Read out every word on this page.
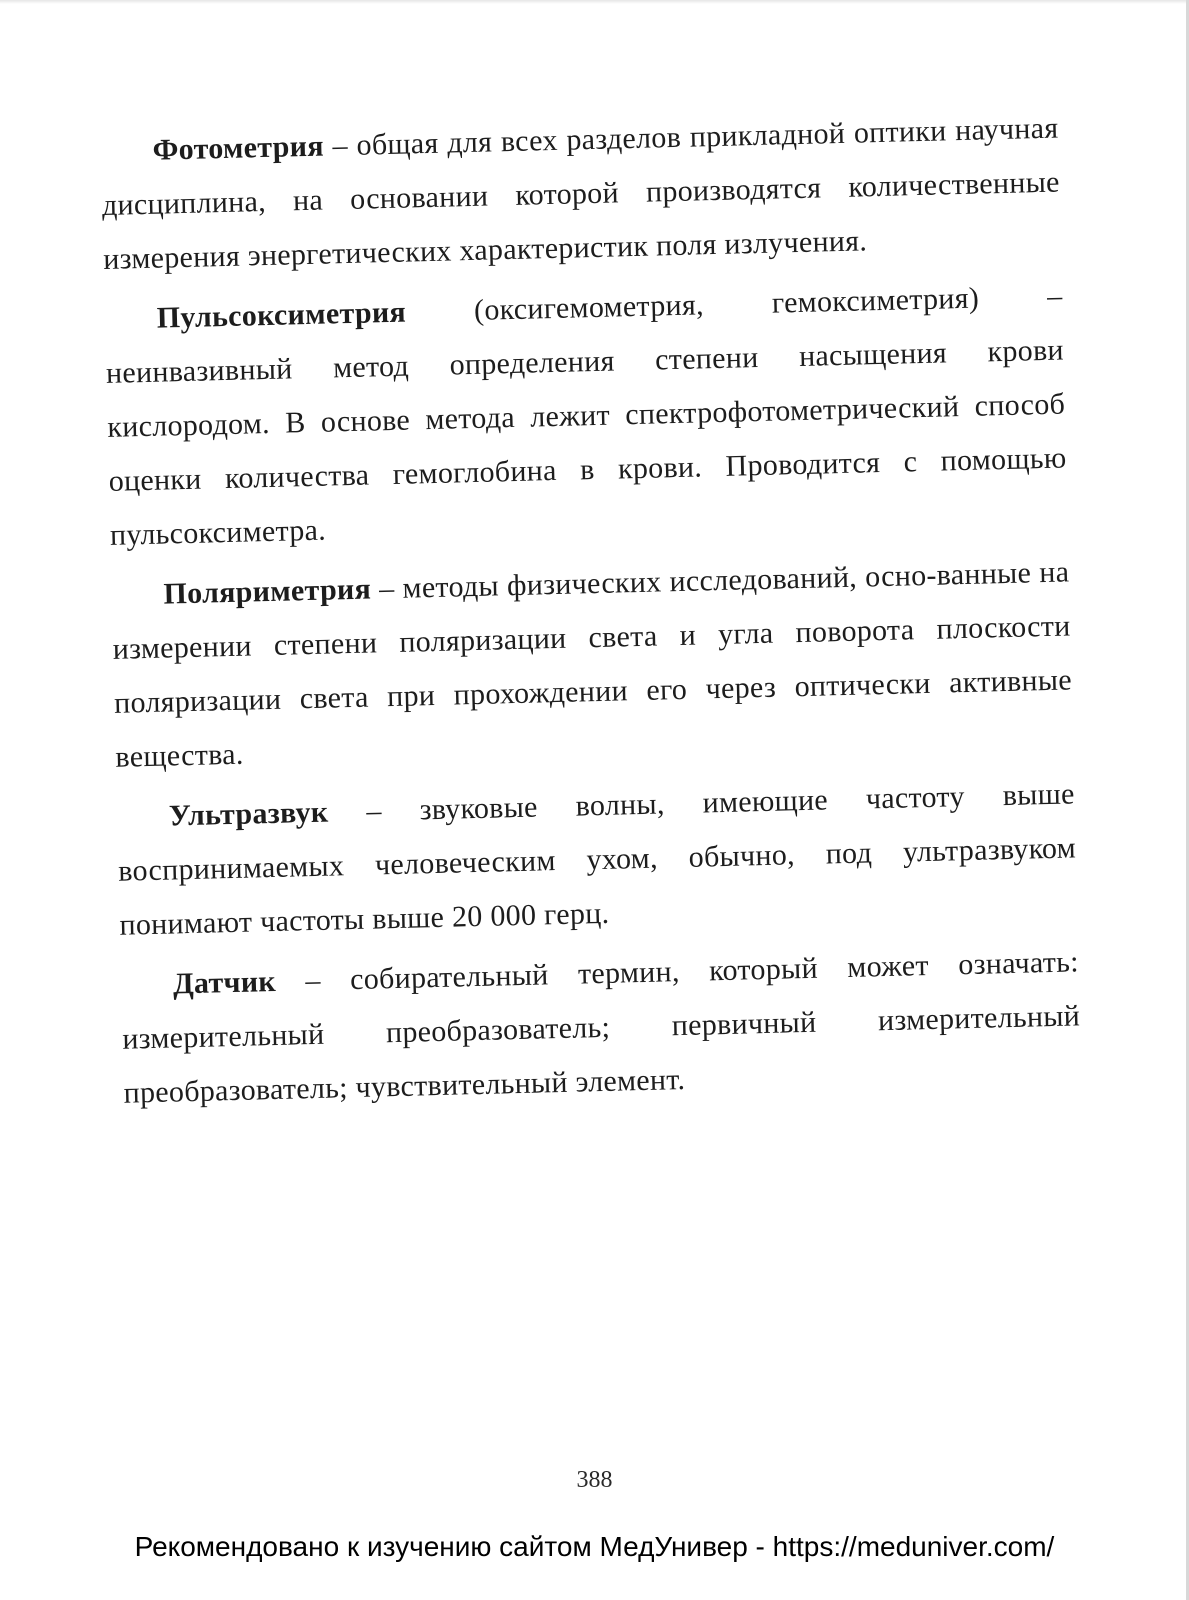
Фотометрия – общая для всех разделов прикладной оптики научная дисциплина, на основании которой производятся количественные измерения энергетических характеристик поля излучения.

Пульсоксиметрия (оксигемометрия, гемоксиметрия) – неинвазивный метод определения степени насыщения крови кислородом. В основе метода лежит спектрофотометрический способ оценки количества гемоглобина в крови. Проводится с помощью пульсоксиметра.

Поляриметрия – методы физических исследований, осно-ванные на измерении степени поляризации света и угла поворота плоскости поляризации света при прохождении его через оптически активные вещества.

Ультразвук – звуковые волны, имеющие частоту выше воспринимаемых человеческим ухом, обычно, под ультразвуком понимают частоты выше 20 000 герц.

Датчик – собирательный термин, который может означать: измерительный преобразователь; первичный измерительный преобразователь; чувствительный элемент.

388
Рекомендовано к изучению сайтом МедУнивер - https://meduniver.com/
